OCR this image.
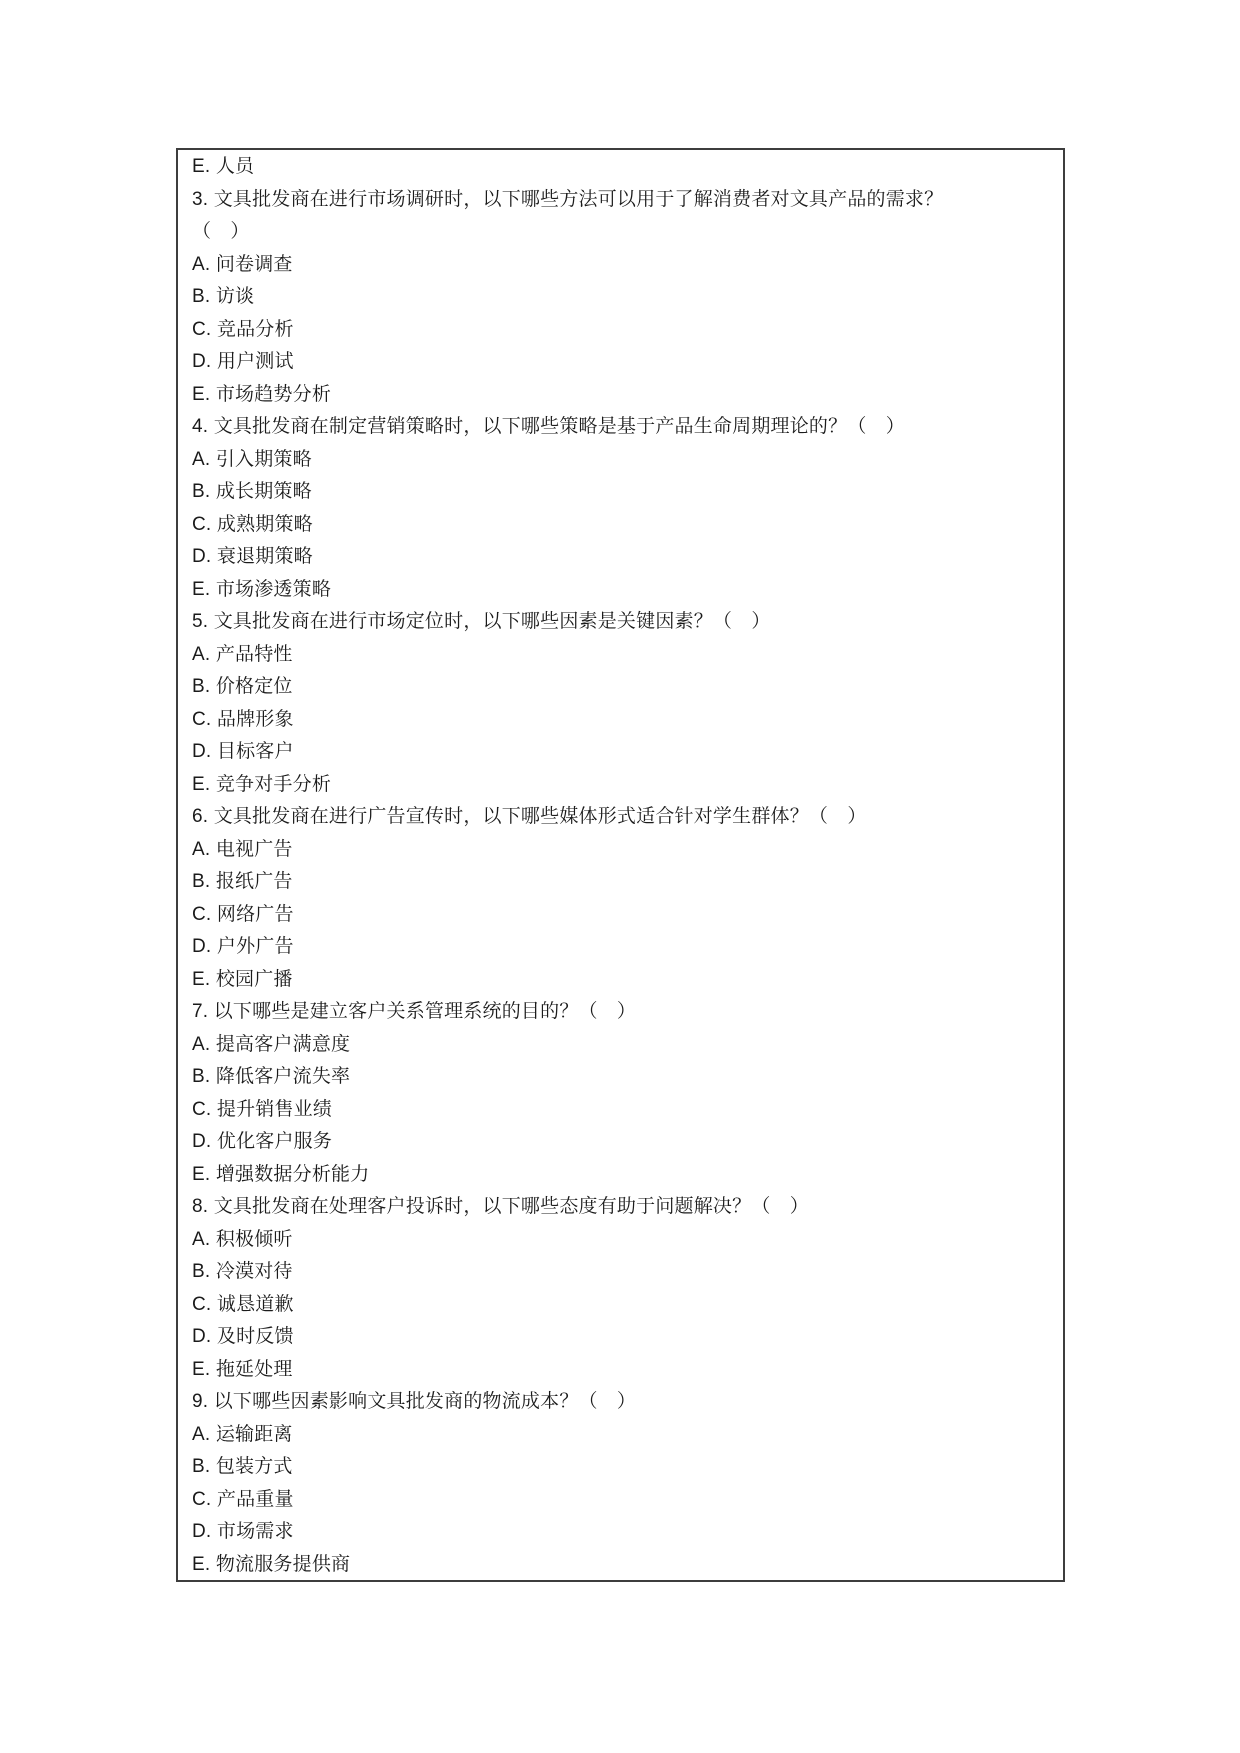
E. 人员
3. 文具批发商在进行市场调研时，以下哪些方法可以用于了解消费者对文具产品的需求？
（　）
A. 问卷调查
B. 访谈
C. 竞品分析
D. 用户测试
E. 市场趋势分析
4. 文具批发商在制定营销策略时，以下哪些策略是基于产品生命周期理论的？（　）
A. 引入期策略
B. 成长期策略
C. 成熟期策略
D. 衰退期策略
E. 市场渗透策略
5. 文具批发商在进行市场定位时，以下哪些因素是关键因素？（　）
A. 产品特性
B. 价格定位
C. 品牌形象
D. 目标客户
E. 竞争对手分析
6. 文具批发商在进行广告宣传时，以下哪些媒体形式适合针对学生群体？（　）
A. 电视广告
B. 报纸广告
C. 网络广告
D. 户外广告
E. 校园广播
7. 以下哪些是建立客户关系管理系统的目的？（　）
A. 提高客户满意度
B. 降低客户流失率
C. 提升销售业绩
D. 优化客户服务
E. 增强数据分析能力
8. 文具批发商在处理客户投诉时，以下哪些态度有助于问题解决？（　）
A. 积极倾听
B. 冷漠对待
C. 诚恳道歉
D. 及时反馈
E. 拖延处理
9. 以下哪些因素影响文具批发商的物流成本？（　）
A. 运输距离
B. 包装方式
C. 产品重量
D. 市场需求
E. 物流服务提供商
